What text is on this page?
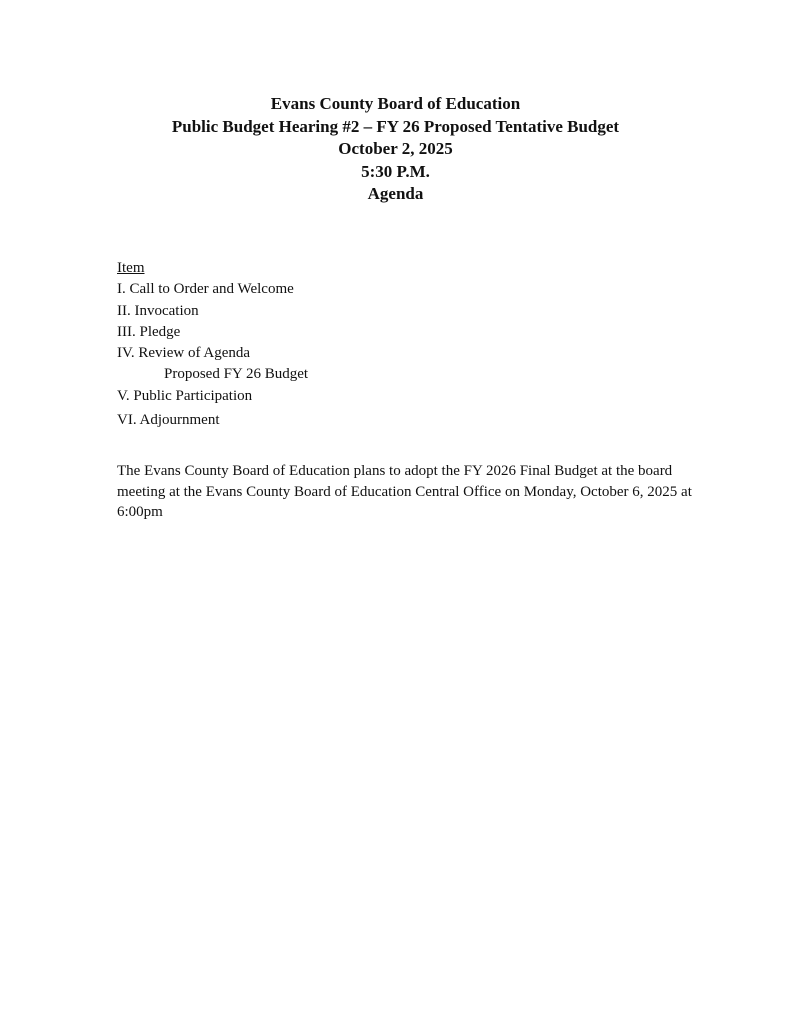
Evans County Board of Education
Public Budget Hearing #2 – FY 26 Proposed Tentative Budget
October 2, 2025
5:30 P.M.
Agenda
Item
I. Call to Order and Welcome
II. Invocation
III. Pledge
IV. Review of Agenda
Proposed FY 26 Budget
V. Public Participation
VI. Adjournment
The Evans County Board of Education plans to adopt the FY 2026 Final Budget at the board
meeting at the Evans County Board of Education Central Office on Monday, October 6, 2025 at
6:00pm
